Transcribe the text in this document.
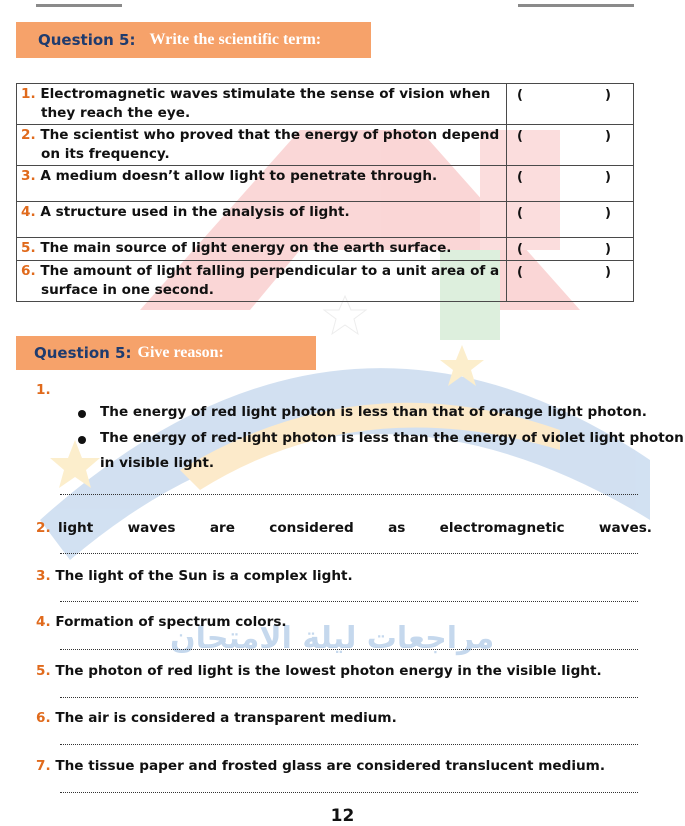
مراجعات ليلة الامتحان
Question 5: Write the scientific term:
1. Electromagnetic waves stimulate the sense of vision when
they reach the eye.	( )

2. The scientist who proved that the energy of photon depend
on its frequency.	( )

3. A medium doesn’t allow light to penetrate through.	( )

4. A structure used in the analysis of light.	( )

5. The main source of light energy on the earth surface.	( )

6. The amount of light falling perpendicular to a unit area of a
surface in one second.	( )
Question 5: Give reason:
1.
The energy of red light photon is less than that of orange light photon.
The energy of red-light photon is less than the energy of violet light photon
in visible light.
2. light	waves	are	considered	as	electromagnetic	waves.
3. The light of the Sun is a complex light.
4. Formation of spectrum colors.
5. The photon of red light is the lowest photon energy in the visible light.
6. The air is considered a transparent medium.
7. The tissue paper and frosted glass are considered translucent medium.
12
